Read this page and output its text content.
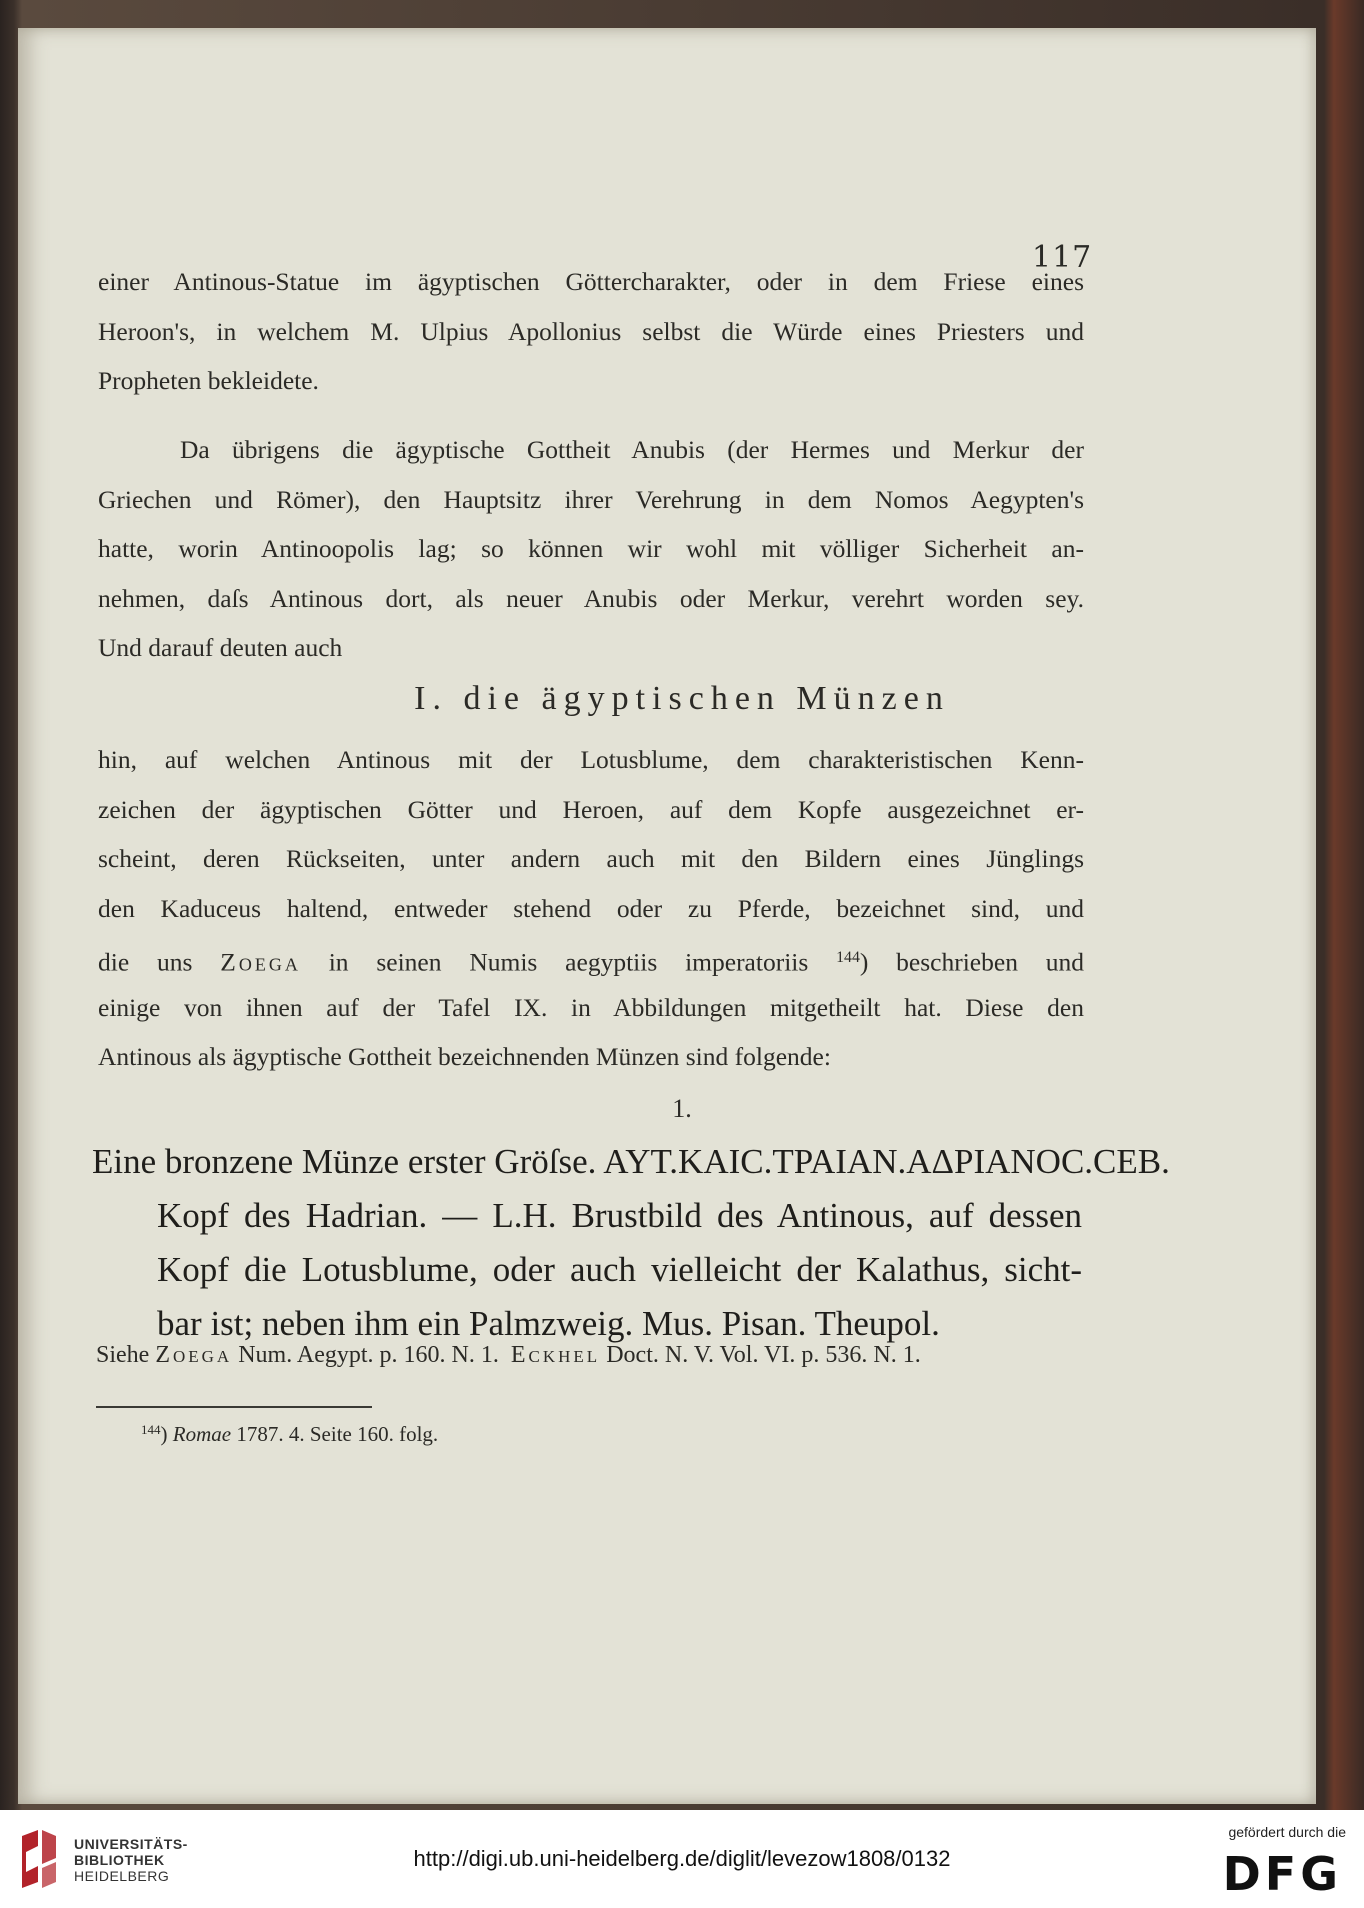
117
einer Antinous-Statue im ägyptischen Göttercharakter, oder in dem Friese eines
Heroon's, in welchem M. Ulpius Apollonius selbst die Würde eines Priesters und
Propheten bekleidete.
Da übrigens die ägyptische Gottheit Anubis (der Hermes und Merkur der
Griechen und Römer), den Hauptsitz ihrer Verehrung in dem Nomos Aegypten's
hatte, worin Antinoopolis lag; so können wir wohl mit völliger Sicherheit an-
nehmen, daſs Antinous dort, als neuer Anubis oder Merkur, verehrt worden sey.
Und darauf deuten auch
I. die ägyptischen Münzen
hin, auf welchen Antinous mit der Lotusblume, dem charakteristischen Kenn-
zeichen der ägyptischen Götter und Heroen, auf dem Kopfe ausgezeichnet er-
scheint, deren Rückseiten, unter andern auch mit den Bildern eines Jünglings
den Kaduceus haltend, entweder stehend oder zu Pferde, bezeichnet sind, und
die uns Zoega in seinen Numis aegyptiis imperatoriis $^{144}$) beschrieben und
einige von ihnen auf der Tafel IX. in Abbildungen mitgetheilt hat. Diese den
Antinous als ägyptische Gottheit bezeichnenden Münzen sind folgende:
1.
Eine bronzene Münze erster Gröſse. AYT.KAIC.TPAIAN.AΔPIANOC.CEB.
Kopf des Hadrian. — L.H. Brustbild des Antinous, auf dessen
Kopf die Lotusblume, oder auch vielleicht der Kalathus, sicht-
bar ist; neben ihm ein Palmzweig. Mus. Pisan. Theupol.
Siehe Zoega Num. Aegypt. p. 160. N. 1. Eckhel Doct. N. V. Vol. VI. p. 536. N. 1.
$^{144}$) Romae 1787. 4. Seite 160. folg.
UNIVERSITÄTS-
BIBLIOTHEK
HEIDELBERG
http://digi.ub.uni-heidelberg.de/diglit/levezow1808/0132
gefördert durch die
DFG
